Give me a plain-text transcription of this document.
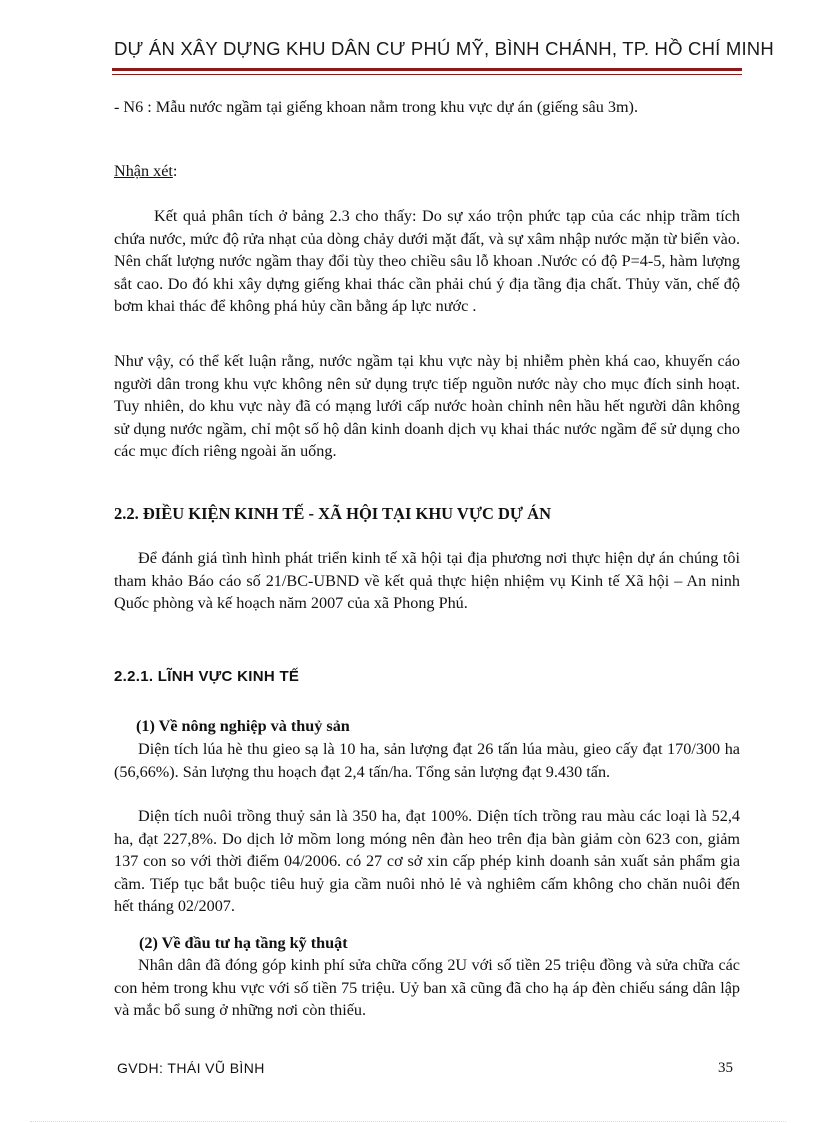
DỰ ÁN XÂY DỰNG KHU DÂN CƯ PHÚ MỸ, BÌNH CHÁNH, TP. HỒ CHÍ MINH

- N6 : Mẫu nước ngầm tại giếng khoan nằm trong khu vực dự án (giếng sâu 3m).

Nhận xét:

Kết quả phân tích ở bảng 2.3 cho thấy: Do sự xáo trộn phức tạp của các nhịp trầm tích chứa nước, mức độ rửa nhạt của dòng chảy dưới mặt đất, và sự xâm nhập nước mặn từ biển vào. Nên chất lượng nước ngầm thay đổi tùy theo chiều sâu lỗ khoan .Nước có độ P=4-5, hàm lượng sắt cao. Do đó khi xây dựng giếng khai thác cần phải chú ý địa tầng địa chất. Thủy văn, chế độ bơm khai thác để không phá hủy cần bằng áp lực nước .

Như vậy, có thể kết luận rằng, nước ngầm tại khu vực này bị nhiễm phèn khá cao, khuyến cáo người dân trong khu vực không nên sử dụng trực tiếp nguồn nước này cho mục đích sinh hoạt. Tuy nhiên, do khu vực này đã có mạng lưới cấp nước hoàn chỉnh nên hầu hết người dân không sử dụng nước ngầm, chỉ một số hộ dân kinh doanh dịch vụ khai thác nước ngầm để sử dụng cho các mục đích riêng ngoài ăn uống.

2.2. ĐIỀU KIỆN KINH TẾ - XÃ HỘI TẠI KHU VỰC DỰ ÁN

Để đánh giá tình hình phát triển kinh tế xã hội tại địa phương nơi thực hiện dự án chúng tôi tham khảo Báo cáo số 21/BC-UBND về kết quả thực hiện nhiệm vụ Kinh tế Xã hội – An ninh Quốc phòng và kế hoạch năm 2007 của xã Phong Phú.

2.2.1. LĨNH VỰC KINH TẾ

(1) Về nông nghiệp và thuỷ sản

Diện tích lúa hè thu gieo sạ là 10 ha, sản lượng đạt 26 tấn lúa màu, gieo cấy đạt 170/300 ha (56,66%). Sản lượng thu hoạch đạt 2,4 tấn/ha. Tổng sản lượng đạt 9.430 tấn.

Diện tích nuôi trồng thuỷ sản là 350 ha, đạt 100%. Diện tích trồng rau màu các loại là 52,4 ha, đạt 227,8%. Do dịch lở mồm long móng nên đàn heo trên địa bàn giảm còn 623 con, giảm 137 con so với thời điểm 04/2006. có 27 cơ sở xin cấp phép kinh doanh sản xuất sản phẩm gia cầm. Tiếp tục bắt buộc tiêu huỷ gia cầm nuôi nhỏ lẻ và nghiêm cấm không cho chăn nuôi đến hết tháng 02/2007.

(2) Về đầu tư hạ tầng kỹ thuật

Nhân dân đã đóng góp kinh phí sửa chữa cống 2U với số tiền 25 triệu đồng và sửa chữa các con hẻm trong khu vực với số tiền 75 triệu. Uỷ ban xã cũng đã cho hạ áp đèn chiếu sáng dân lập và mắc bổ sung ở những nơi còn thiếu.

GVDH: THÁI VŨ BÌNH	35
